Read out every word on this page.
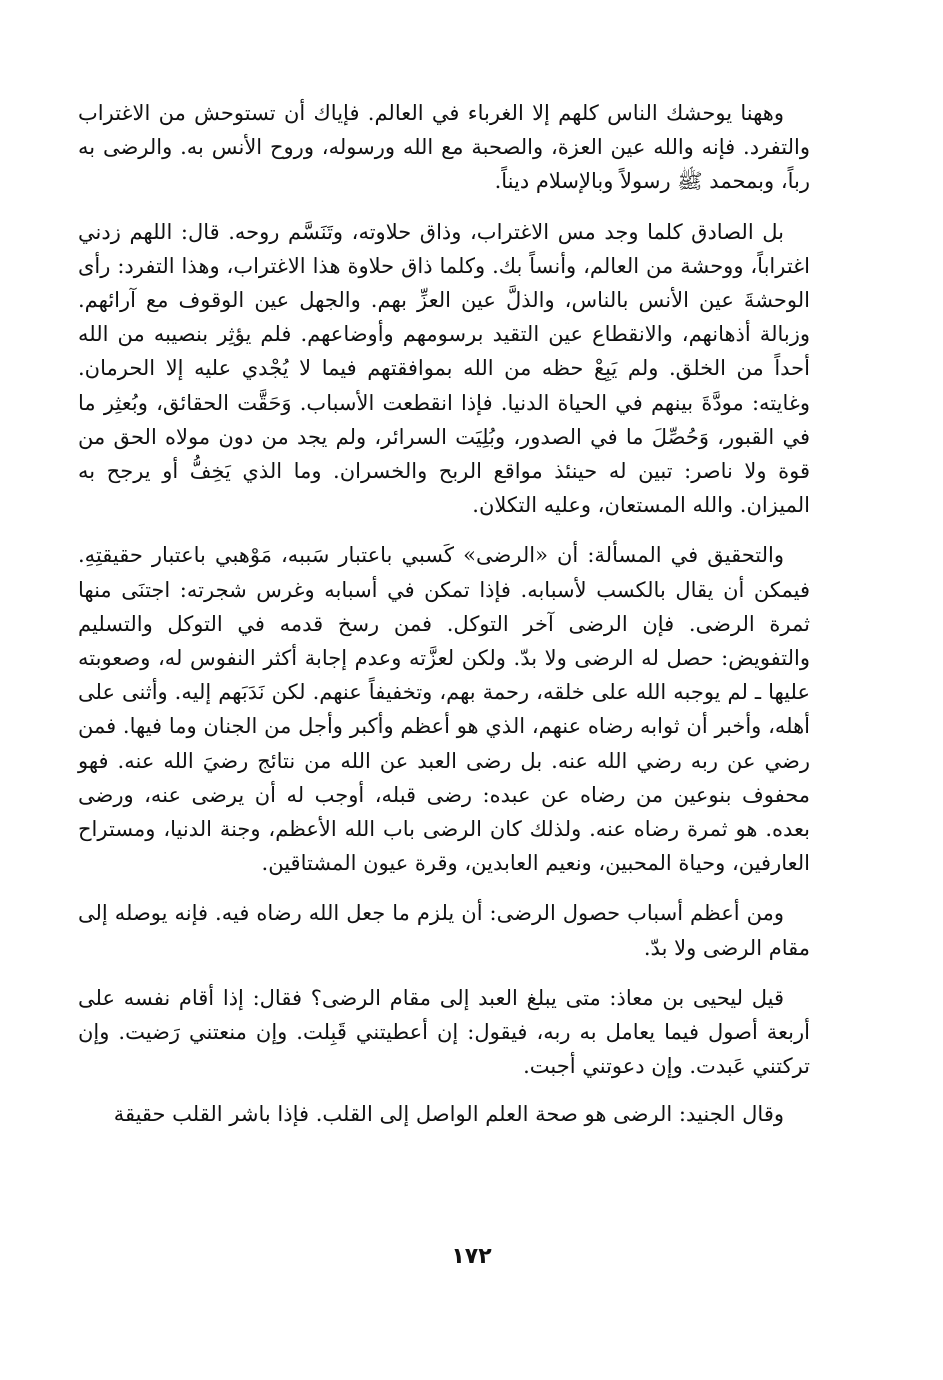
وههنا يوحشك الناس كلهم إلا الغرباء في العالم. فإياك أن تستوحش من الاغتراب والتفرد. فإنه والله عين العزة، والصحبة مع الله ورسوله، وروح الأنس به. والرضى به رباً، وبمحمد ﷺ رسولاً وبالإسلام ديناً.

بل الصادق كلما وجد مس الاغتراب، وذاق حلاوته، وتَنَسَّم روحه. قال: اللهم زدني اغتراباً، ووحشة من العالم، وأنساً بك. وكلما ذاق حلاوة هذا الاغتراب، وهذا التفرد: رأى الوحشةَ عين الأنس بالناس، والذلَّ عين العزِّ بهم. والجهل عين الوقوف مع آرائهم. وزبالة أذهانهم، والانقطاع عين التقيد برسومهم وأوضاعهم. فلم يؤثِر بنصيبه من الله أحداً من الخلق. ولم يَبِعْ حظه من الله بموافقتهم فيما لا يُجْدي عليه إلا الحرمان. وغايته: مودَّةَ بينهم في الحياة الدنيا. فإذا انقطعت الأسباب. وَحَقَّت الحقائق، وبُعثِر ما في القبور، وَحُصِّلَ ما في الصدور، وبُلِيَت السرائر، ولم يجد من دون مولاه الحق من قوة ولا ناصر: تبين له حينئذ مواقع الربح والخسران. وما الذي يَخِفُّ أو يرجح به الميزان. والله المستعان، وعليه التكلان.

والتحقيق في المسألة: أن «الرضى» كَسبي باعتبار سَببه، مَوْهبي باعتبار حقيقتِهِ. فيمكن أن يقال بالكسب لأسبابه. فإذا تمكن في أسبابه وغرس شجرته: اجتنَى منها ثمرة الرضى. فإن الرضى آخر التوكل. فمن رسخ قدمه في التوكل والتسليم والتفويض: حصل له الرضى ولا بدّ. ولكن لعزَّته وعدم إجابة أكثر النفوس له، وصعوبته عليها ـ لم يوجبه الله على خلقه، رحمة بهم، وتخفيفاً عنهم. لكن نَدَبَهم إليه. وأثنى على أهله، وأخبر أن ثوابه رضاه عنهم، الذي هو أعظم وأكبر وأجل من الجنان وما فيها. فمن رضي عن ربه رضي الله عنه. بل رضى العبد عن الله من نتائج رضيَ الله عنه. فهو محفوف بنوعين من رضاه عن عبده: رضى قبله، أوجب له أن يرضى عنه، ورضى بعده. هو ثمرة رضاه عنه. ولذلك كان الرضى باب الله الأعظم، وجنة الدنيا، ومستراح العارفين، وحياة المحبين، ونعيم العابدين، وقرة عيون المشتاقين.

ومن أعظم أسباب حصول الرضى: أن يلزم ما جعل الله رضاه فيه. فإنه يوصله إلى مقام الرضى ولا بدّ.

قيل ليحيى بن معاذ: متى يبلغ العبد إلى مقام الرضى؟ فقال: إذا أقام نفسه على أربعة أصول فيما يعامل به ربه، فيقول: إن أعطيتني قَبِلت. وإن منعتني رَضيت. وإن تركتني عَبدت. وإن دعوتني أجبت.

وقال الجنيد: الرضى هو صحة العلم الواصل إلى القلب. فإذا باشر القلب حقيقة

١٧٢
